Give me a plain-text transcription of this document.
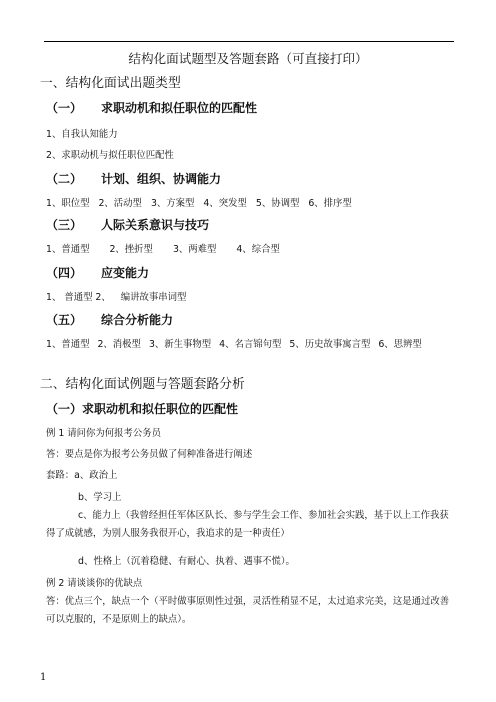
结构化面试题型及答题套路（可直接打印）
一、结构化面试出题类型
（一） 求职动机和拟任职位的匹配性
1、自我认知能力
2、求职动机与拟任职位匹配性
（二） 计划、组织、协调能力
1、职位型 2、活动型 3、方案型 4、突发型 5、协调型 6、排序型
（三） 人际关系意识与技巧
1、普通型 2、挫折型 3、两难型 4、综合型
（四） 应变能力
1、 普通型 2、 编讲故事串词型
（五） 综合分析能力
1、普通型 2、消极型 3、新生事物型 4、名言锦句型 5、历史故事寓言型 6、思辨型
二、结构化面试例题与答题套路分析
（一）求职动机和拟任职位的匹配性
例 1 请问你为何报考公务员
答：要点是你为报考公务员做了何种准备进行阐述
套路：a、政治上
b、学习上
c、能力上（我曾经担任军体区队长、参与学生会工作、参加社会实践，基于以上工作我获得了成就感，为别人服务我很开心，我追求的是一种责任）
d、性格上（沉着稳健、有耐心、执着、遇事不慌）。
例 2 请谈谈你的优缺点
答：优点三个，缺点一个（平时做事原则性过强，灵活性稍显不足，太过追求完美，这是通过改善可以克服的，不是原则上的缺点）。
1
